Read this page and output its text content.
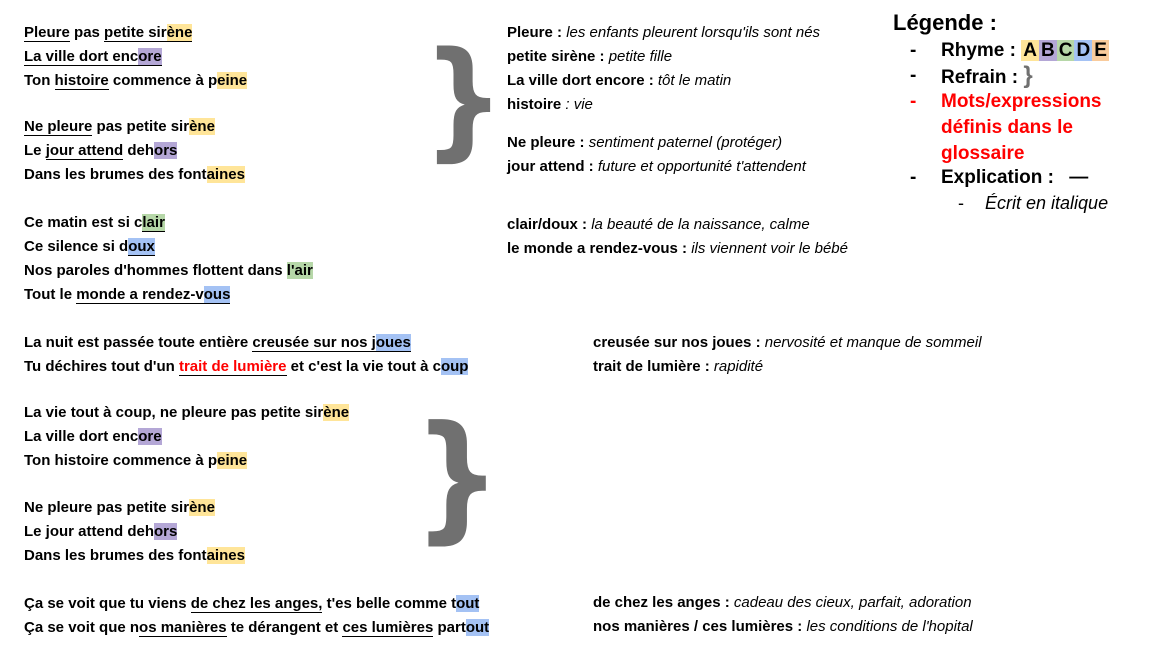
Pleure pas petite sirène
La ville dort encore
Ton histoire commence à peine
Ne pleure pas petite sirène
Le jour attend dehors
Dans les brumes des fontaines
Ce matin est si clair
Ce silence si doux
Nos paroles d'hommes flottent dans l'air
Tout le monde a rendez-vous
La nuit est passée toute entière creusée sur nos joues
Tu déchires tout d'un trait de lumière et c'est la vie tout à coup
La vie tout à coup, ne pleure pas petite sirène
La ville dort encore
Ton histoire commence à peine
Ne pleure pas petite sirène
Le jour attend dehors
Dans les brumes des fontaines
Ça se voit que tu viens de chez les anges, t'es belle comme tout
Ça se voit que nos manières te dérangent et ces lumières partout
}
}
Pleure : les enfants pleurent lorsqu'ils sont nés
petite sirène : petite fille
La ville dort encore : tôt le matin
histoire : vie
Ne pleure : sentiment paternel (protéger)
jour attend : future et opportunité t'attendent
clair/doux : la beauté de la naissance, calme
le monde a rendez-vous : ils viennent voir le bébé
creusée sur nos joues : nervosité et manque de sommeil
trait de lumière : rapidité
de chez les anges : cadeau des cieux, parfait, adoration
nos manières / ces lumières : les conditions de l'hopital
Légende :
- Rhyme : A B C D E
- Refrain : }
- Mots/expressions
définis dans le
glossaire
- Explication : —
- Écrit en italique
